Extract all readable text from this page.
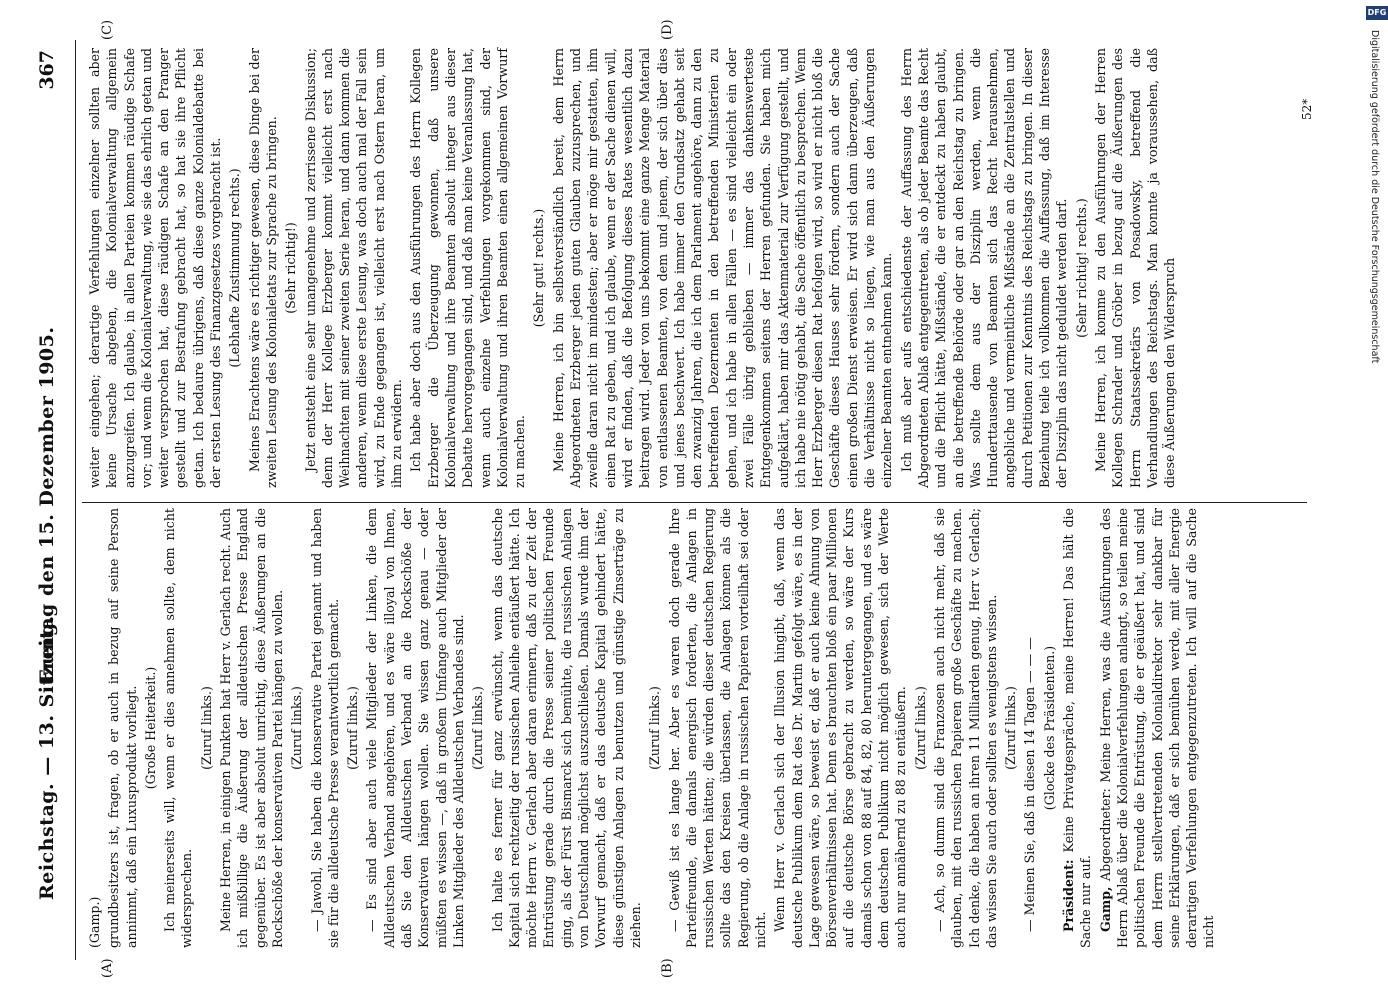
Reichstag. — 13. Sitzung.
Freitag den 15. Dezember 1905.
367
(A)	(B)
(C)	(D)
52*

(Gamp.) grundbesitzers ist, fragen, ob er auch in bezug auf seine Person annimmt, daß ein Luxusprodukt vorliegt. (Große Heiterkeit.) Ich meinerseits will, wenn er dies annehmen sollte, dem nicht widersprechen.

(Zuruf links.) Meine Herren, in einigen Punkten hat Herr v. Gerlach recht. Auch ich mißbillige die Äußerung der alldeutschen Presse England gegenüber. Es ist aber absolut unrichtig, diese Äußerungen an die Rockschöße der konservativen Partei hängen zu wollen. (Zuruf links.) — Jawohl, Sie haben die konservative Partei genannt und haben sie für die alldeutsche Presse verantwortlich gemacht. (Zuruf links.) — Es sind aber auch viele Mitglieder der Linken, die dem Alldeutschen Verband angehören, und es wäre illoyal von Ihnen, daß Sie den Alldeutschen Verband an die Rockschöße der Konservativen hängen wollen. Sie wissen ganz genau — oder müßten es wissen —, daß in großem Umfange auch Mitglieder der Linken Mitglieder des Alldeutschen Verbandes sind. (Zuruf links.) Ich halte es ferner für ganz erwünscht, wenn das deutsche Kapital sich rechtzeitig der russischen Anleihe entäußert hätte. Ich möchte Herrn v. Gerlach aber daran erinnern, daß zu der Zeit der Entrüstung gerade durch die Presse seiner politischen Freunde ging, als der Fürst Bismarck sich bemühte, die russischen Anlagen von Deutschland möglichst auszuschließen. Damals wurde ihm der Vorwurf gemacht, daß er das deutsche Kapital gehindert hätte, diese günstigen Anlagen zu benutzen und günstige Zinserträge zu ziehen.

(Zuruf links.) — Gewiß ist es lange her. Aber es waren doch gerade Ihre Parteifreunde, die damals energisch forderten, die Anlagen in russischen Werten hätten; die würden dieser deutschen Regierung sollte das den Kreisen überlassen, die Anlagen können als die Regierung, ob die Anlage in russischen Papieren vorteilhaft sei oder nicht. Wenn Herr v. Gerlach sich der Illusion hingibt, daß, wenn das deutsche Publikum dem Rat des Dr. Martin gefolgt wäre, es in der Lage gewesen wäre, so beweist er, daß er auch keine Ahnung von Börsenverhältnissen hat. Denn es brauchten bloß ein paar Millionen auf die deutsche Börse gebracht zu werden, so wäre der Kurs damals schon von 88 auf 84, 82, 80 heruntergegangen, und es wäre dem deutschen Publikum nicht möglich gewesen, sich der Werte auch nur annähernd zu 88 zu entäußern. (Zuruf links.) — Ach, so dumm sind die Franzosen auch nicht mehr, daß sie glauben, mit den russischen Papieren große Geschäfte zu machen. Ich denke, die haben an ihren 11 Milliarden genug, Herr v. Gerlach; das wissen Sie auch oder sollten es wenigstens wissen. (Zuruf links.) — Meinen Sie, daß in diesen 14 Tagen — — — (Glocke des Präsidenten.)

Präsident: Keine Privatgespräche, meine Herren! Das hält die Sache nur auf. Gamp, Abgeordneter: Meine Herren, was die Ausführungen des Herrn Ablaß über die Kolonialverfehlungen anlangt, so teilen meine politischen Freunde die Entrüstung, die er geäußert hat, und sind dem Herrn stellvertretenden Kolonialdirektor sehr dankbar für seine Erklärungen, daß er sich bemühen werde, mit aller Energie derartigen Verfehlungen entgegenzutreten. Ich will auf die Sache nicht

weiter eingehen; derartige Verfehlungen einzelner sollten aber keine Ursache abgeben, die Kolonialverwaltung allgemein anzugreifen. Ich glaube, in allen Parteien kommen räudige Schafe vor; und wenn die Kolonialverwaltung, wie sie das ehrlich getan und weiter versprochen hat, diese räudigen Schafe an den Pranger gestellt und zur Bestrafung gebracht hat, so hat sie ihre Pflicht getan. Ich bedaure übrigens, daß diese ganze Kolonialdebatte bei der ersten Lesung des Finanzgesetzes vorgebracht ist. (Lebhafte Zustimmung rechts.) Meines Erachtens wäre es richtiger gewesen, diese Dinge bei der zweiten Lesung des Kolonialetats zur Sprache zu bringen. (Sehr richtig!) Jetzt entsteht eine sehr unangenehme und zerrissene Diskussion; denn der Herr Kollege Erzberger kommt vielleicht erst nach Weihnachten mit seiner zweiten Serie heran, und dann kommen die anderen, wenn diese erste Lesung, was doch auch mal der Fall sein wird, zu Ende gegangen ist, vielleicht erst nach Ostern heran, um ihm zu erwidern. Ich habe aber doch aus den Ausführungen des Herrn Kollegen Erzberger die Überzeugung gewonnen, daß unsere Kolonialverwaltung und ihre Beamten absolut integer aus dieser Debatte hervorgegangen sind, und daß man keine Veranlassung hat, wenn auch einzelne Verfehlungen vorgekommen sind, der Kolonialverwaltung und ihren Beamten einen allgemeinen Vorwurf zu machen.

(Sehr gut! rechts.) Meine Herren, ich bin selbstverständlich bereit, dem Herrn Abgeordneten Erzberger jeden guten Glauben zuzusprechen, und zweifle daran nicht im mindesten; aber er möge mir gestatten, ihm einen Rat zu geben, und ich glaube, wenn er der Sache dienen will, wird er finden, daß die Befolgung dieses Rates wesentlich dazu beitragen wird. Jeder von uns bekommt eine ganze Menge Material von entlassenen Beamten, von dem und jenem, der sich über dies und jenes beschwert. Ich habe immer den Grundsatz gehabt seit den zwanzig Jahren, die ich dem Parlament angehöre, dann zu den betreffenden Dezernenten in den betreffenden Ministerien zu gehen, und ich habe in allen Fällen — es sind vielleicht ein oder zwei Fälle übrig geblieben — immer das dankenswerteste Entgegenkommen seitens der Herren gefunden. Sie haben mich aufgeklärt, haben mir das Aktenmaterial zur Verfügung gestellt, und ich habe nie nötig gehabt, die Sache öffentlich zu besprechen. Wenn Herr Erzberger diesen Rat befolgen wird, so wird er nicht bloß die Geschäfte dieses Hauses sehr fördern, sondern auch der Sache einen großen Dienst erweisen. Er wird sich dann überzeugen, daß die Verhältnisse nicht so liegen, wie man aus den Äußerungen einzelner Beamten entnehmen kann. Ich muß aber aufs entschiedenste der Auffassung des Herrn Abgeordneten Ablaß entgegentreten, als ob jeder Beamte das Recht und die Pflicht hätte, Mißstände, die er entdeckt zu haben glaubt, an die betreffende Behörde oder gar an den Reichstag zu bringen. Was sollte dem aus der Disziplin werden, wenn die Hunderttausende von Beamten sich das Recht herausnehmen, angebliche und vermeintliche Mißstände an die Zentralstellen und durch Petitionen zur Kenntnis des Reichstags zu bringen. In dieser Beziehung teile ich vollkommen die Auffassung, daß im Interesse der Disziplin das nicht geduldet werden darf. (Sehr richtig! rechts.) Meine Herren, ich komme zu den Ausführungen der Herren Kollegen Schrader und Gröber in bezug auf die Äußerungen des Herrn Staatssekretärs von Posadowsky, betreffend die Verhandlungen des Reichstags. Man konnte ja voraussehen, daß diese Äußerungen den Widerspruch

DFG
Digitalisierung gefördert durch die Deutsche Forschungsgemeinschaft
